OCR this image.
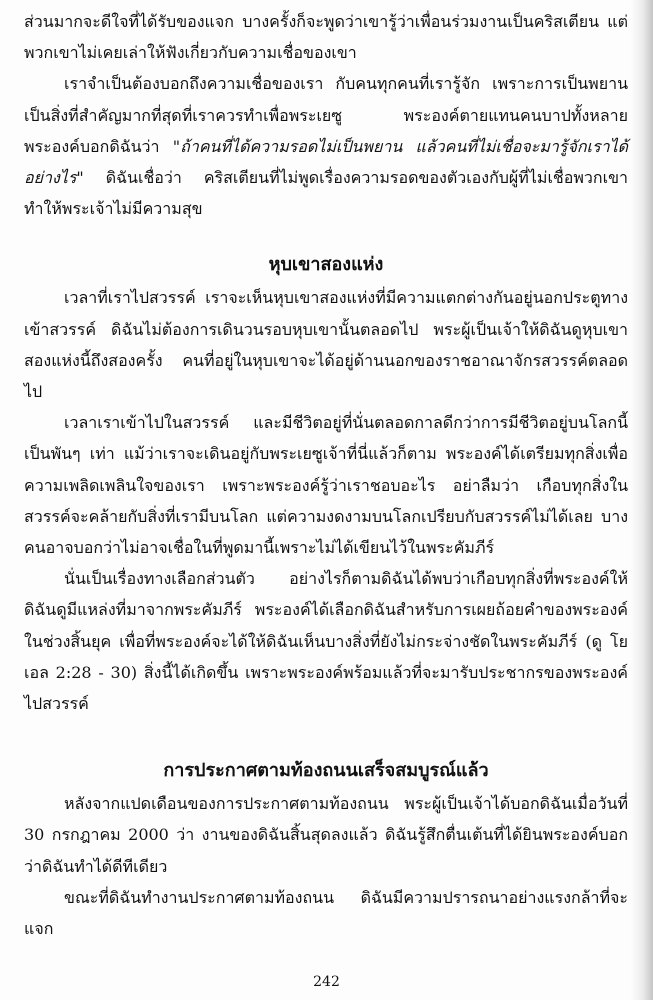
ส่วนมากจะดีใจที่ได้รับของแจก บางครั้งก็จะพูดว่าเขารู้ว่าเพื่อนร่วมงานเป็นคริสเตียน แต่พวกเขาไม่เคยเล่าให้ฟังเกี่ยวกับความเชื่อของเขา

เราจำเป็นต้องบอกถึงความเชื่อของเรา กับคนทุกคนที่เรารู้จัก เพราะการเป็นพยานเป็นสิ่งที่สำคัญมากที่สุดที่เราควรทำเพื่อพระเยซู พระองค์ตายแทนคนบาปทั้งหลาย พระองค์บอกดิฉันว่า "ถ้าคนที่ได้ความรอดไม่เป็นพยาน แล้วคนที่ไม่เชื่อจะมารู้จักเราได้อย่างไร" ดิฉันเชื่อว่า คริสเตียนที่ไม่พูดเรื่องความรอดของตัวเองกับผู้ที่ไม่เชื่อพวกเขาทำให้พระเจ้าไม่มีความสุข

หุบเขาสองแห่ง

เวลาที่เราไปสวรรค์ เราจะเห็นหุบเขาสองแห่งที่มีความแตกต่างกันอยู่นอกประตูทางเข้าสวรรค์ ดิฉันไม่ต้องการเดินวนรอบหุบเขานั้นตลอดไป พระผู้เป็นเจ้าให้ดิฉันดูหุบเขาสองแห่งนี้ถึงสองครั้ง คนที่อยู่ในหุบเขาจะได้อยู่ด้านนอกของราชอาณาจักรสวรรค์ตลอดไป

เวลาเราเข้าไปในสวรรค์ และมีชีวิตอยู่ที่นั่นตลอดกาลดีกว่าการมีชีวิตอยู่บนโลกนี้เป็นพันๆ เท่า แม้ว่าเราจะเดินอยู่กับพระเยซูเจ้าที่นี่แล้วก็ตาม พระองค์ได้เตรียมทุกสิ่งเพื่อความเพลิดเพลินใจของเรา เพราะพระองค์รู้ว่าเราชอบอะไร อย่าลืมว่า เกือบทุกสิ่งในสวรรค์จะคล้ายกับสิ่งที่เรามีบนโลก แต่ความงดงามบนโลกเปรียบกับสวรรค์ไม่ได้เลย บางคนอาจบอกว่าไม่อาจเชื่อในที่พูดมานี้เพราะไม่ได้เขียนไว้ในพระคัมภีร์

นั่นเป็นเรื่องทางเลือกส่วนตัว อย่างไรก็ตามดิฉันได้พบว่าเกือบทุกสิ่งที่พระองค์ให้ดิฉันดูมีแหล่งที่มาจากพระคัมภีร์ พระองค์ได้เลือกดิฉันสำหรับการเผยถ้อยคำของพระองค์ในช่วงสิ้นยุค เพื่อที่พระองค์จะได้ให้ดิฉันเห็นบางสิ่งที่ยังไม่กระจ่างชัดในพระคัมภีร์ (ดู โยเอล 2:28 - 30) สิ่งนี้ได้เกิดขึ้น เพราะพระองค์พร้อมแล้วที่จะมารับประชากรของพระองค์ไปสวรรค์

การประกาศตามท้องถนนเสร็จสมบูรณ์แล้ว

หลังจากแปดเดือนของการประกาศตามท้องถนน พระผู้เป็นเจ้าได้บอกดิฉันเมื่อวันที่ 30 กรกฎาคม 2000 ว่า งานของดิฉันสิ้นสุดลงแล้ว ดิฉันรู้สึกตื่นเต้นที่ได้ยินพระองค์บอกว่าดิฉันทำได้ดีทีเดียว

ขณะที่ดิฉันทำงานประกาศตามท้องถนน ดิฉันมีความปรารถนาอย่างแรงกล้าที่จะแจก

242
